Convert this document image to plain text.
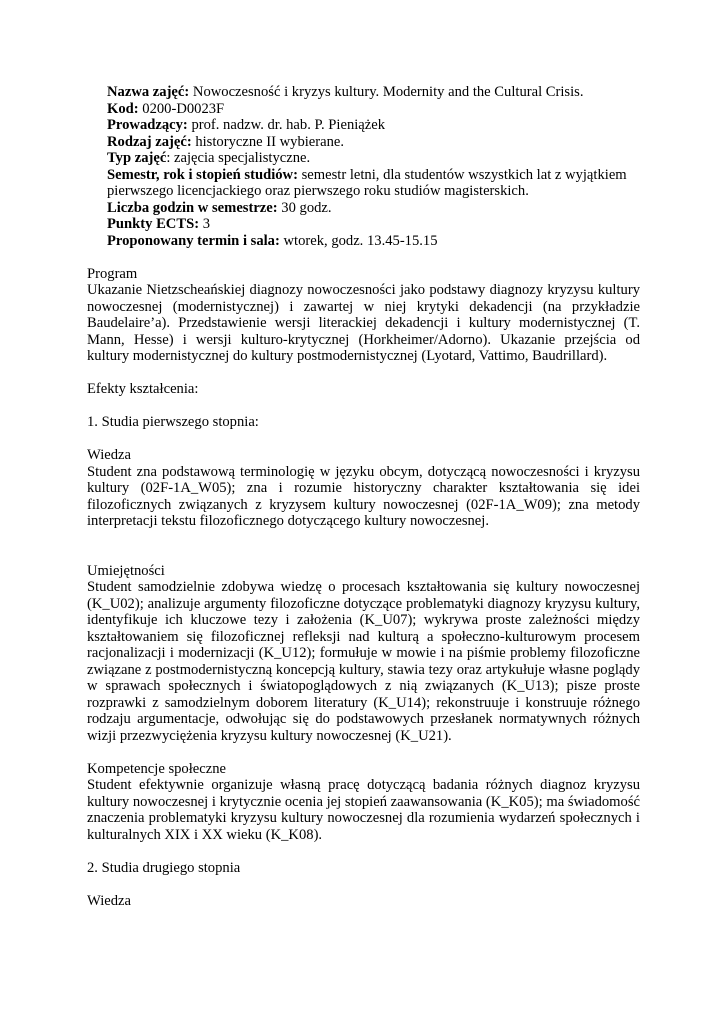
Nazwa zajęć: Nowoczesność i kryzys kultury. Modernity and the Cultural Crisis.

Kod: 0200-D0023F

Prowadzący: prof. nadzw. dr. hab. P. Pieniążek

Rodzaj zajęć: historyczne II wybierane.

Typ zajęć: zajęcia specjalistyczne.

Semestr, rok i stopień studiów: semestr letni, dla studentów wszystkich lat z wyjątkiem pierwszego licencjackiego oraz pierwszego roku studiów magisterskich.

Liczba godzin w semestrze: 30 godz.

Punkty ECTS: 3

Proponowany termin i sala: wtorek, godz. 13.45-15.15

Program

Ukazanie Nietzscheańskiej diagnozy nowoczesności jako podstawy diagnozy kryzysu kultury nowoczesnej (modernistycznej) i zawartej w niej krytyki dekadencji (na przykładzie Baudelaire’a). Przedstawienie wersji literackiej dekadencji i kultury modernistycznej (T. Mann, Hesse) i wersji kulturo-krytycznej (Horkheimer/Adorno). Ukazanie przejścia od kultury modernistycznej do kultury postmodernistycznej (Lyotard, Vattimo, Baudrillard).

Efekty kształcenia:

1. Studia pierwszego stopnia:

Wiedza

Student zna podstawową terminologię w języku obcym, dotyczącą nowoczesności i kryzysu kultury (02F-1A_W05); zna i rozumie historyczny charakter kształtowania się idei filozoficznych związanych z kryzysem kultury nowoczesnej (02F-1A_W09); zna metody interpretacji tekstu filozoficznego dotyczącego kultury nowoczesnej.

Umiejętności

Student samodzielnie zdobywa wiedzę o procesach kształtowania się kultury nowoczesnej (K_U02); analizuje argumenty filozoficzne dotyczące problematyki diagnozy kryzysu kultury, identyfikuje ich kluczowe tezy i założenia (K_U07); wykrywa proste zależności między kształtowaniem się filozoficznej refleksji nad kulturą a społeczno-kulturowym procesem racjonalizacji i modernizacji (K_U12); formułuje w mowie i na piśmie problemy filozoficzne związane z postmodernistyczną koncepcją kultury, stawia tezy oraz artykułuje własne poglądy w sprawach społecznych i światopoglądowych z nią związanych (K_U13); pisze proste rozprawki z samodzielnym doborem literatury (K_U14); rekonstruuje i konstruuje różnego rodzaju argumentacje, odwołując się do podstawowych przesłanek normatywnych różnych wizji przezwyciężenia kryzysu kultury nowoczesnej (K_U21).

Kompetencje społeczne

Student efektywnie organizuje własną pracę dotyczącą badania różnych diagnoz kryzysu kultury nowoczesnej i krytycznie ocenia jej stopień zaawansowania (K_K05); ma świadomość znaczenia problematyki kryzysu kultury nowoczesnej dla rozumienia wydarzeń społecznych i kulturalnych XIX i XX wieku (K_K08).

2. Studia drugiego stopnia

Wiedza
